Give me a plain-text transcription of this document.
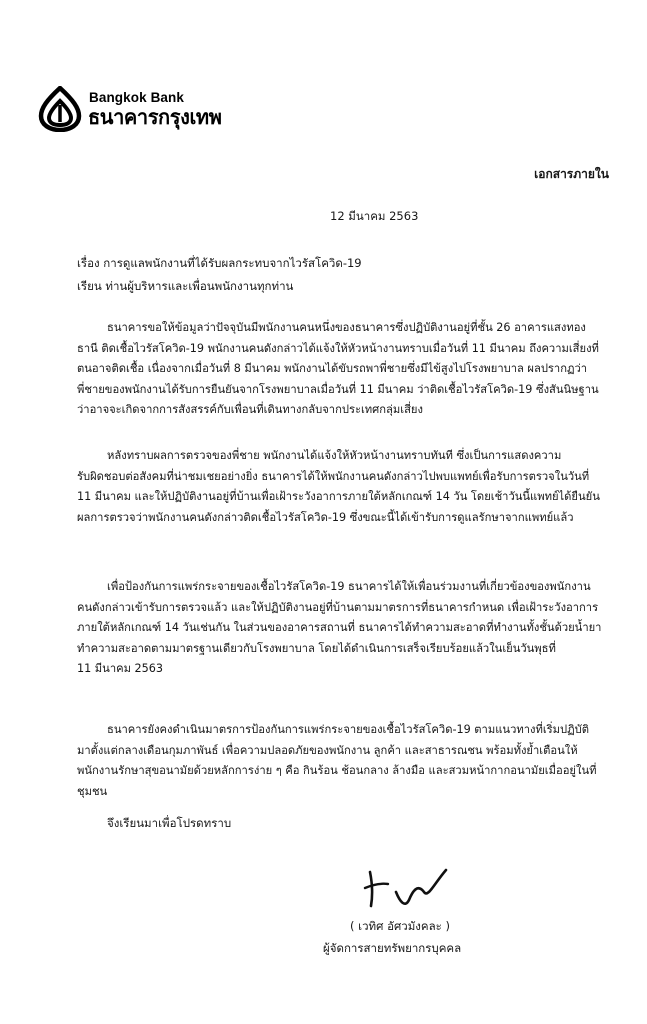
Bangkok Bank
ธนาคารกรุงเทพ
เอกสารภายใน
12 มีนาคม 2563
เรื่อง การดูแลพนักงานที่ได้รับผลกระทบจากไวรัสโควิด-19
เรียน ท่านผู้บริหารและเพื่อนพนักงานทุกท่าน
ธนาคารขอให้ข้อมูลว่าปัจจุบันมีพนักงานคนหนึ่งของธนาคารซึ่งปฏิบัติงานอยู่ที่ชั้น 26 อาคารแสงทอง
ธานี ติดเชื้อไวรัสโควิด-19 พนักงานคนดังกล่าวได้แจ้งให้หัวหน้างานทราบเมื่อวันที่ 11 มีนาคม ถึงความเสี่ยงที่
ตนอาจติดเชื้อ เนื่องจากเมื่อวันที่ 8 มีนาคม พนักงานได้ขับรถพาพี่ชายซึ่งมีไข้สูงไปโรงพยาบาล ผลปรากฏว่า
พี่ชายของพนักงานได้รับการยืนยันจากโรงพยาบาลเมื่อวันที่ 11 มีนาคม ว่าติดเชื้อไวรัสโควิด-19 ซึ่งสันนิษฐาน
ว่าอาจจะเกิดจากการสังสรรค์กับเพื่อนที่เดินทางกลับจากประเทศกลุ่มเสี่ยง
หลังทราบผลการตรวจของพี่ชาย พนักงานได้แจ้งให้หัวหน้างานทราบทันที ซึ่งเป็นการแสดงความ
รับผิดชอบต่อสังคมที่น่าชมเชยอย่างยิ่ง ธนาคารได้ให้พนักงานคนดังกล่าวไปพบแพทย์เพื่อรับการตรวจในวันที่
11 มีนาคม และให้ปฏิบัติงานอยู่ที่บ้านเพื่อเฝ้าระวังอาการภายใต้หลักเกณฑ์ 14 วัน โดยเช้าวันนี้แพทย์ได้ยืนยัน
ผลการตรวจว่าพนักงานคนดังกล่าวติดเชื้อไวรัสโควิด-19 ซึ่งขณะนี้ได้เข้ารับการดูแลรักษาจากแพทย์แล้ว
เพื่อป้องกันการแพร่กระจายของเชื้อไวรัสโควิด-19 ธนาคารได้ให้เพื่อนร่วมงานที่เกี่ยวข้องของพนักงาน
คนดังกล่าวเข้ารับการตรวจแล้ว และให้ปฏิบัติงานอยู่ที่บ้านตามมาตรการที่ธนาคารกำหนด เพื่อเฝ้าระวังอาการ
ภายใต้หลักเกณฑ์ 14 วันเช่นกัน ในส่วนของอาคารสถานที่ ธนาคารได้ทำความสะอาดที่ทำงานทั้งชั้นด้วยน้ำยา
ทำความสะอาดตามมาตรฐานเดียวกับโรงพยาบาล โดยได้ดำเนินการเสร็จเรียบร้อยแล้วในเย็นวันพุธที่
11 มีนาคม 2563
ธนาคารยังคงดำเนินมาตรการป้องกันการแพร่กระจายของเชื้อไวรัสโควิด-19 ตามแนวทางที่เริ่มปฏิบัติ
มาตั้งแต่กลางเดือนกุมภาพันธ์ เพื่อความปลอดภัยของพนักงาน ลูกค้า และสาธารณชน พร้อมทั้งย้ำเตือนให้
พนักงานรักษาสุขอนามัยด้วยหลักการง่าย ๆ คือ กินร้อน ช้อนกลาง ล้างมือ และสวมหน้ากากอนามัยเมื่ออยู่ในที่
ชุมชน
จึงเรียนมาเพื่อโปรดทราบ
( เวทิศ อัศวมังคละ )
ผู้จัดการสายทรัพยากรบุคคล
